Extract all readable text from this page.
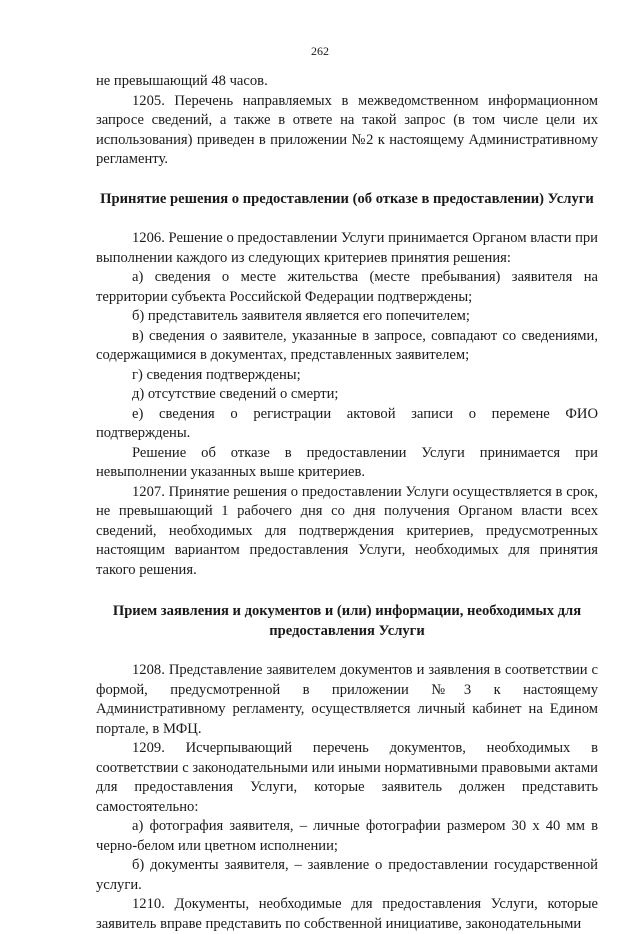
262

не превышающий 48 часов.

1205. Перечень направляемых в межведомственном информационном запросе сведений, а также в ответе на такой запрос (в том числе цели их использования) приведен в приложении №2 к настоящему Административному регламенту.

Принятие решения о предоставлении (об отказе в предоставлении) Услуги

1206. Решение о предоставлении Услуги принимается Органом власти при выполнении каждого из следующих критериев принятия решения:

а) сведения о месте жительства (месте пребывания) заявителя на территории субъекта Российской Федерации подтверждены;

б) представитель заявителя является его попечителем;

в) сведения о заявителе, указанные в запросе, совпадают со сведениями, содержащимися в документах, представленных заявителем;

г) сведения подтверждены;

д) отсутствие сведений о смерти;

е) сведения о регистрации актовой записи о перемене ФИО подтверждены.

Решение об отказе в предоставлении Услуги принимается при невыполнении указанных выше критериев.

1207. Принятие решения о предоставлении Услуги осуществляется в срок, не превышающий 1 рабочего дня со дня получения Органом власти всех сведений, необходимых для подтверждения критериев, предусмотренных настоящим вариантом предоставления Услуги, необходимых для принятия такого решения.

Прием заявления и документов и (или) информации, необходимых для предоставления Услуги

1208. Представление заявителем документов и заявления в соответствии с формой, предусмотренной в приложении №3 к настоящему Административному регламенту, осуществляется личный кабинет на Едином портале, в МФЦ.

1209. Исчерпывающий перечень документов, необходимых в соответствии с законодательными или иными нормативными правовыми актами для предоставления Услуги, которые заявитель должен представить самостоятельно:

а) фотография заявителя, – личные фотографии размером 30 х 40 мм в черно-белом или цветном исполнении;

б) документы заявителя, – заявление о предоставлении государственной услуги.

1210. Документы, необходимые для предоставления Услуги, которые заявитель вправе представить по собственной инициативе, законодательными
